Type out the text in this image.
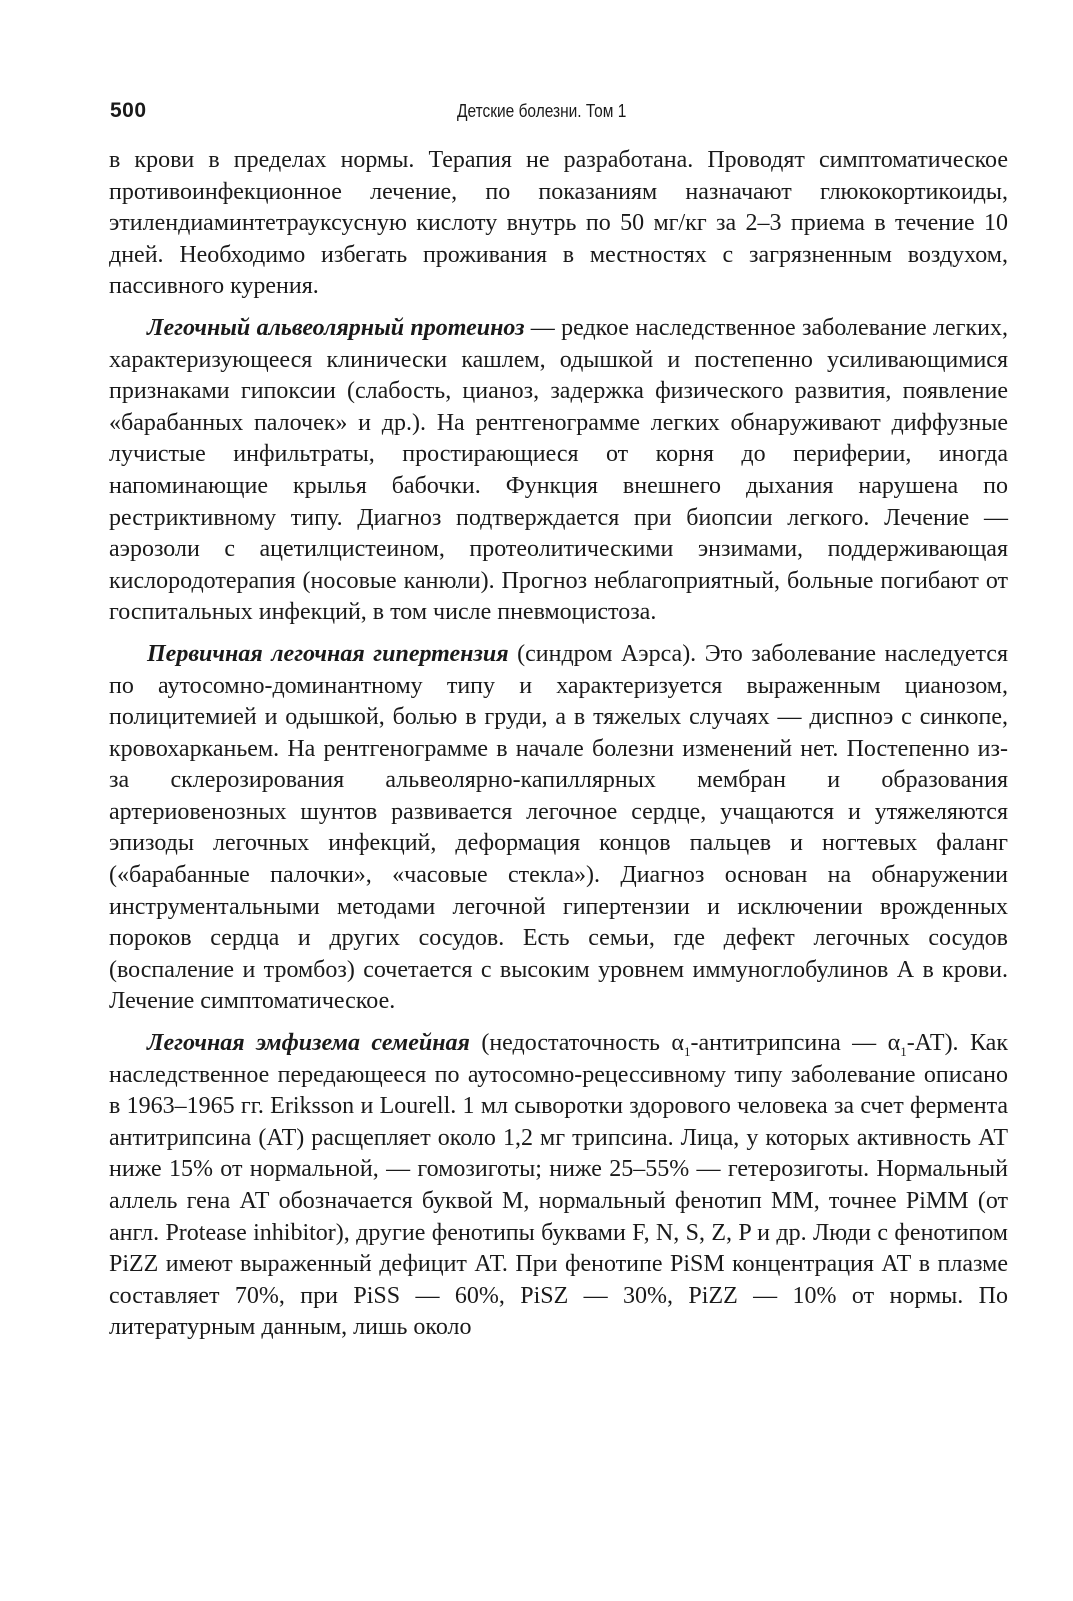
500	Детские болезни. Том 1

в крови в пределах нормы. Терапия не разработана. Проводят симптоматическое противоинфекционное лечение, по показаниям назначают глюкокортикоиды, этилендиаминтетрауксусную кислоту внутрь по 50 мг/кг за 2–3 приема в течение 10 дней. Необходимо избегать проживания в местностях с загрязненным воздухом, пассивного курения.

Легочный альвеолярный протеиноз — редкое наследственное заболевание легких, характеризующееся клинически кашлем, одышкой и постепенно усиливающимися признаками гипоксии (слабость, цианоз, задержка физического развития, появление «барабанных палочек» и др.). На рентгенограмме легких обнаруживают диффузные лучистые инфильтраты, простирающиеся от корня до периферии, иногда напоминающие крылья бабочки. Функция внешнего дыхания нарушена по рестриктивному типу. Диагноз подтверждается при биопсии легкого. Лечение — аэрозоли с ацетилцистеином, протеолитическими энзимами, поддерживающая кислородотерапия (носовые канюли). Прогноз неблагоприятный, больные погибают от госпитальных инфекций, в том числе пневмоцистоза.

Первичная легочная гипертензия (синдром Аэрса). Это заболевание наследуется по аутосомно-доминантному типу и характеризуется выраженным цианозом, полицитемией и одышкой, болью в груди, а в тяжелых случаях — диспноэ с синкопе, кровохарканьем. На рентгенограмме в начале болезни изменений нет. Постепенно из-за склерозирования альвеолярно-капиллярных мембран и образования артериовенозных шунтов развивается легочное сердце, учащаются и утяжеляются эпизоды легочных инфекций, деформация концов пальцев и ногтевых фаланг («барабанные палочки», «часовые стекла»). Диагноз основан на обнаружении инструментальными методами легочной гипертензии и исключении врожденных пороков сердца и других сосудов. Есть семьи, где дефект легочных сосудов (воспаление и тромбоз) сочетается с высоким уровнем иммуноглобулинов А в крови. Лечение симптоматическое.

Легочная эмфизема семейная (недостаточность $\alpha_1$-антитрипсина — $\alpha_1-АТ$). Как наследственное передающееся по аутосомно-рецессивному типу заболевание описано в 1963–1965 гг. Eriksson и Lourell. 1 мл сыворотки здорового человека за счет фермента антитрипсина (АТ) расщепляет около 1,2 мг трипсина. Лица, у которых активность АТ ниже 15% от нормальной, — гомозиготы; ниже 25–55% — гетерозиготы. Нормальный аллель гена АТ обозначается буквой М, нормальный фенотип ММ, точнее PiMM (от англ. Protease inhibitor), другие фенотипы буквами F, N, S, Z, P и др. Люди с фенотипом PiZZ имеют выраженный дефицит АТ. При фенотипе PiSM концентрация АТ в плазме составляет 70%, при PiSS — 60%, PiSZ — 30%, PiZZ — 10% от нормы. По литературным данным, лишь около
